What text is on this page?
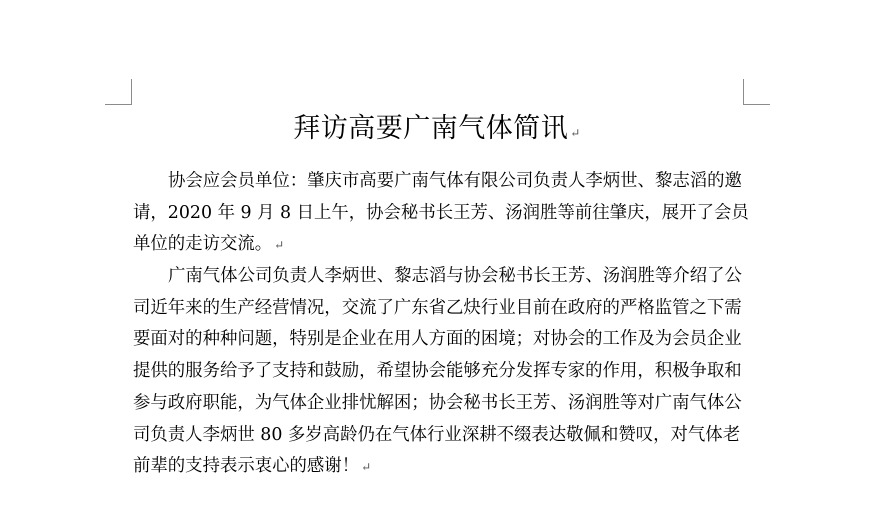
拜访高要广南气体简讯 ↵
协会应会员单位：肇庆市高要广南气体有限公司负责人李炳世、黎志滔的邀
请，2020 年 9 月 8 日上午，协会秘书长王芳、汤润胜等前往肇庆，展开了会员
单位的走访交流。 ↵
广南气体公司负责人李炳世、黎志滔与协会秘书长王芳、汤润胜等介绍了公
司近年来的生产经营情况，交流了广东省乙炔行业目前在政府的严格监管之下需
要面对的种种问题，特别是企业在用人方面的困境；对协会的工作及为会员企业
提供的服务给予了支持和鼓励，希望协会能够充分发挥专家的作用，积极争取和
参与政府职能，为气体企业排忧解困；协会秘书长王芳、汤润胜等对广南气体公
司负责人李炳世 80 多岁高龄仍在气体行业深耕不缀表达敬佩和赞叹，对气体老
前辈的支持表示衷心的感谢！ ↵
